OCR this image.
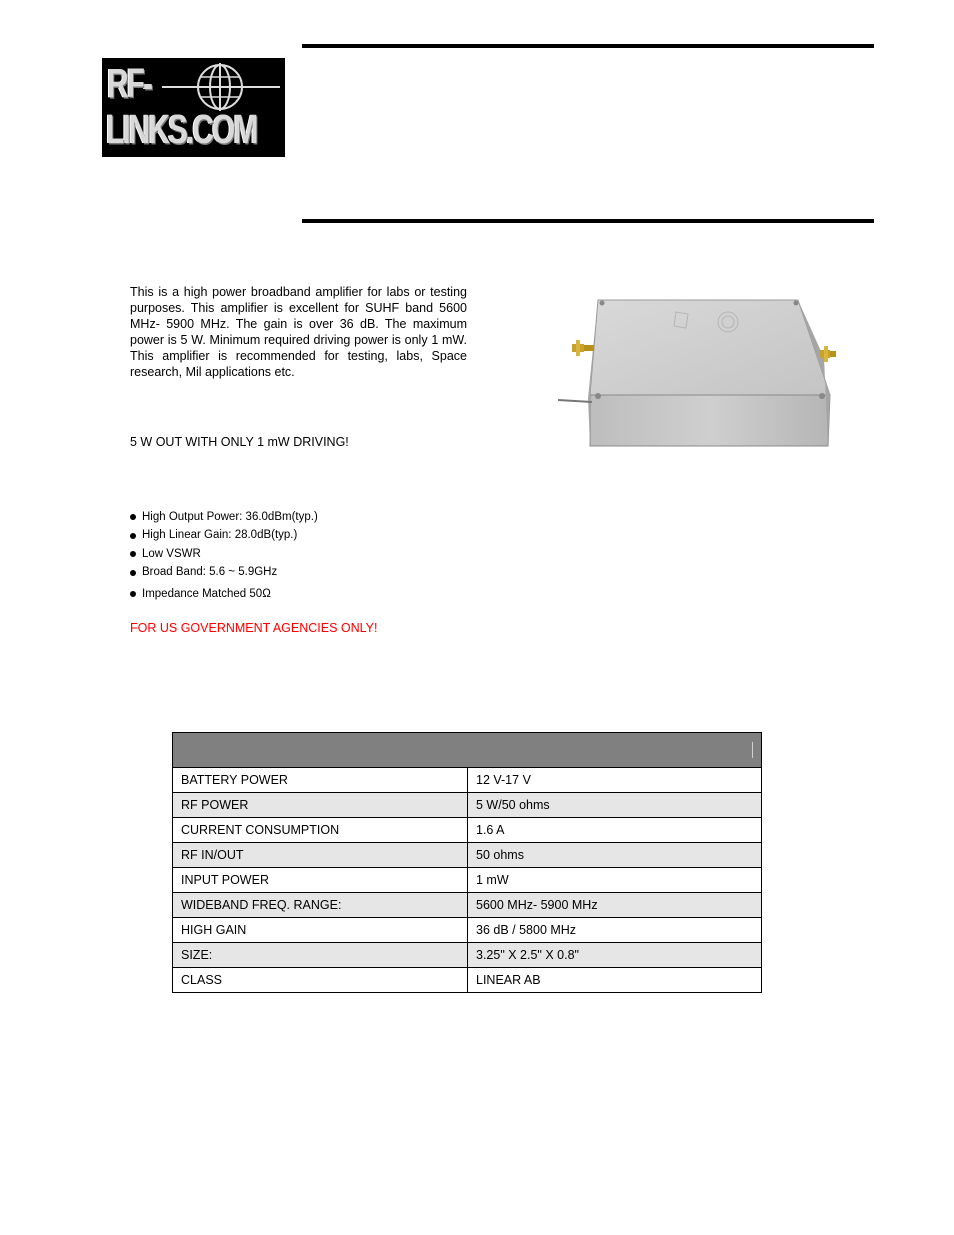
RF-
LINKS.COM
This is a high power broadband amplifier for labs or testing purposes. This amplifier is excellent for SUHF band 5600 MHz- 5900 MHz. The gain is over 36 dB. The maximum power is 5 W. Minimum required driving power is only 1 mW. This amplifier is recommended for testing, labs, Space research, Mil applications etc.
5 W OUT WITH ONLY 1 mW DRIVING!
High Output Power: 36.0dBm(typ.)
High Linear Gain: 28.0dB(typ.)
Low VSWR
Broad Band: 5.6 ~ 5.9GHz
Impedance Matched 50Ω
FOR US GOVERNMENT AGENCIES ONLY!

BATTERY POWER	12 V-17 V
RF POWER	5 W/50 ohms
CURRENT CONSUMPTION	1.6 A
RF IN/OUT	50 ohms
INPUT POWER	1 mW
WIDEBAND FREQ. RANGE:	5600 MHz- 5900 MHz
HIGH GAIN	36 dB / 5800 MHz
SIZE:	3.25" X 2.5" X 0.8"
CLASS	LINEAR AB
